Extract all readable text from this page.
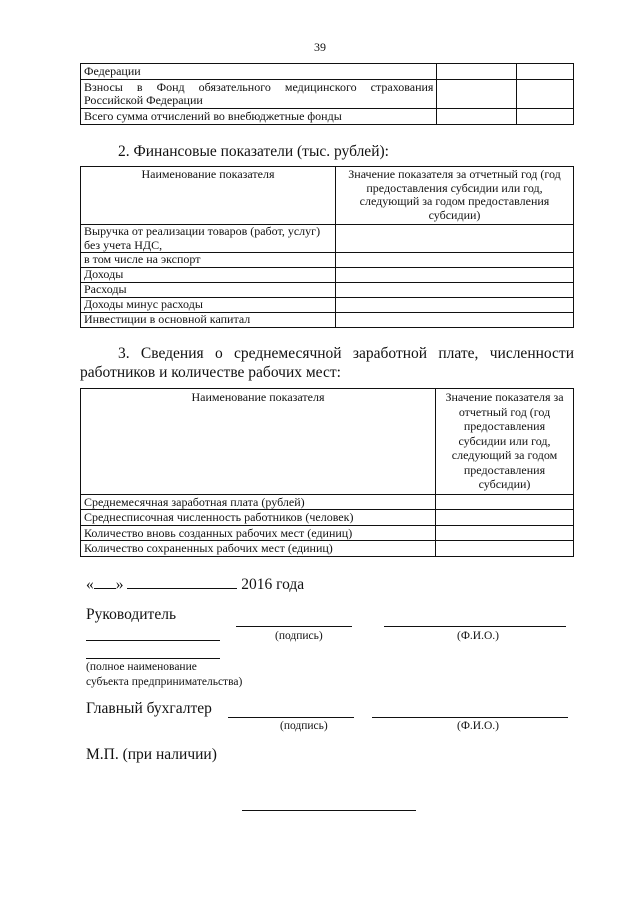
39
Федерации		
Взносы в Фонд обязательного медицинского страхования Российской Федерации		
Всего сумма отчислений во внебюджетные фонды		
2. Финансовые показатели (тыс. рублей):
Наименование показателя	Значение показателя за отчетный год (год предоставления субсидии или год, следующий за годом предоставления субсидии)
Выручка от реализации товаров (работ, услуг) без учета НДС,	
в том числе на экспорт	
Доходы	
Расходы	
Доходы минус расходы	
Инвестиции в основной капитал	
3. Сведения о среднемесячной заработной плате, численности
работников и количестве рабочих мест:
Наименование показателя	Значение показателя за отчетный год (год предоставления субсидии или год, следующий за годом предоставления субсидии)
Среднемесячная заработная плата (рублей)	
Среднесписочная численность работников (человек)	
Количество вновь созданных рабочих мест (единиц)	
Количество сохраненных рабочих мест (единиц)	
« »	2016 года
Руководитель
(подпись)	(Ф.И.О.)
(полное наименование
субъекта предпринимательства)
Главный бухгалтер
(подпись)	(Ф.И.О.)
М.П. (при наличии)
